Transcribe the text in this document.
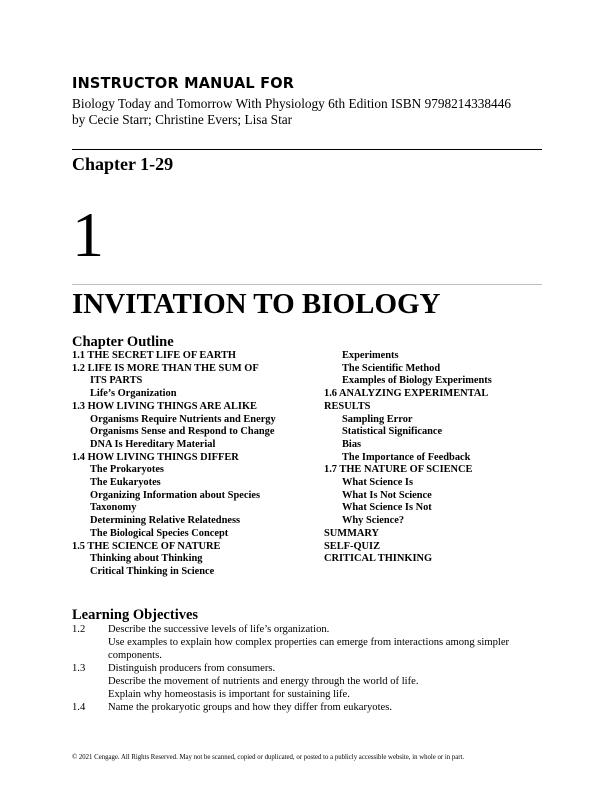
INSTRUCTOR MANUAL FOR
Biology Today and Tomorrow With Physiology 6th Edition ISBN 9798214338446
by Cecie Starr; Christine Evers; Lisa Star
Chapter 1-29
1
INVITATION TO BIOLOGY
Chapter Outline
1.1 THE SECRET LIFE OF EARTH
1.2 LIFE IS MORE THAN THE SUM OF
ITS PARTS
Life’s Organization
1.3 HOW LIVING THINGS ARE ALIKE
Organisms Require Nutrients and Energy
Organisms Sense and Respond to Change
DNA Is Hereditary Material
1.4 HOW LIVING THINGS DIFFER
The Prokaryotes
The Eukaryotes
Organizing Information about Species
Taxonomy
Determining Relative Relatedness
The Biological Species Concept
1.5 THE SCIENCE OF NATURE
Thinking about Thinking
Critical Thinking in Science
Experiments
The Scientific Method
Examples of Biology Experiments
1.6 ANALYZING EXPERIMENTAL
RESULTS
Sampling Error
Statistical Significance
Bias
The Importance of Feedback
1.7 THE NATURE OF SCIENCE
What Science Is
What Is Not Science
What Science Is Not
Why Science?
SUMMARY
SELF-QUIZ
CRITICAL THINKING
Learning Objectives
1.2	Describe the successive levels of life’s organization.
Use examples to explain how complex properties can emerge from interactions among simpler components.
1.3	Distinguish producers from consumers.
Describe the movement of nutrients and energy through the world of life.
Explain why homeostasis is important for sustaining life.
1.4	Name the prokaryotic groups and how they differ from eukaryotes.
© 2021 Cengage. All Rights Reserved. May not be scanned, copied or duplicated, or posted to a publicly accessible website, in whole or in part.
